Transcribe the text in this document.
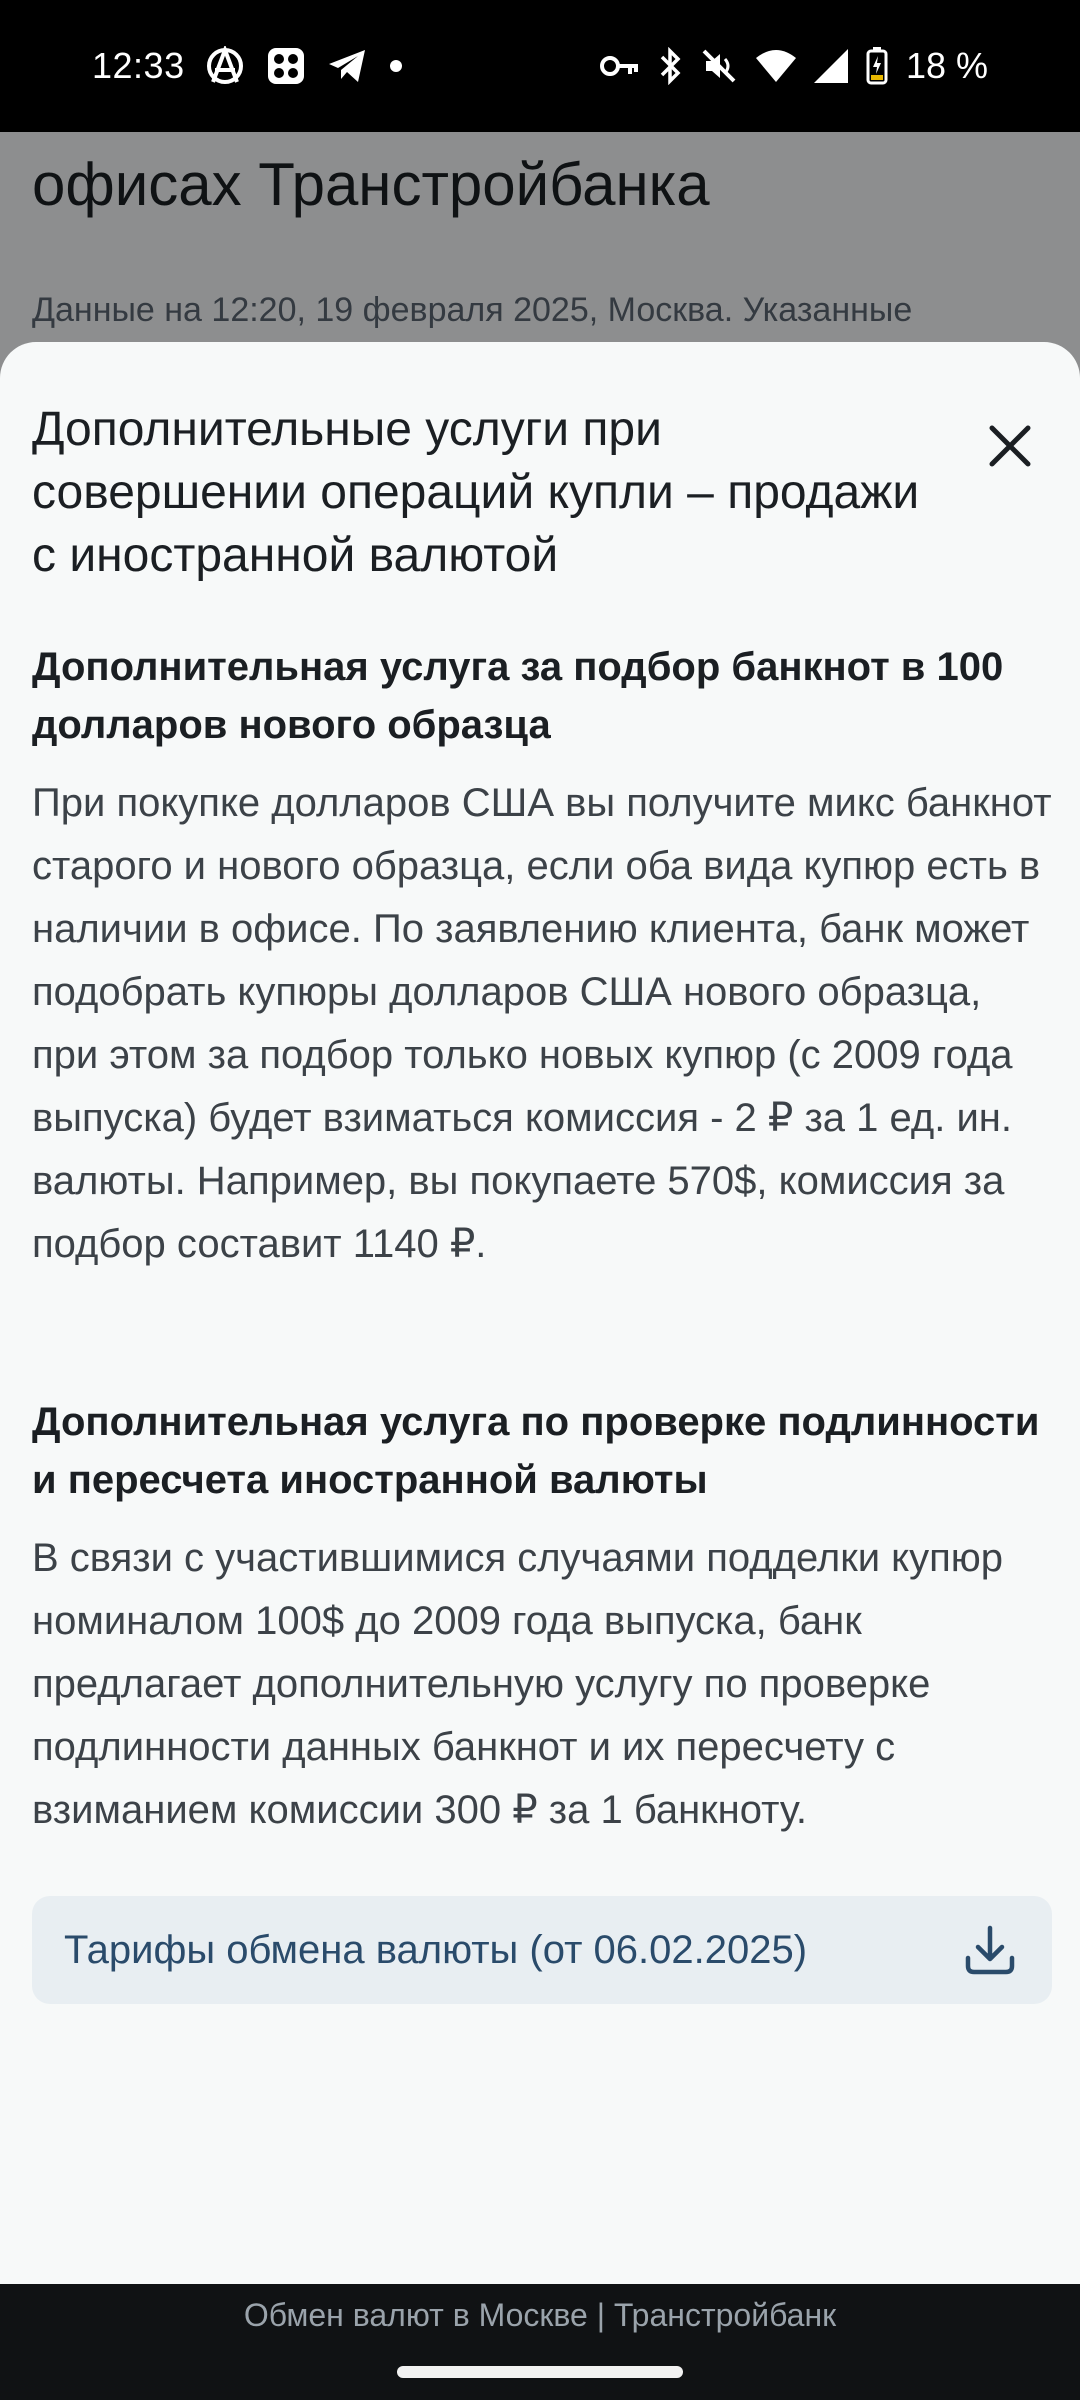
12:33	18 %
офисах Транстройбанка
Данные на 12:20, 19 февраля 2025, Москва. Указанные
Дополнительные услуги при совершении операций купли – продажи с иностранной валютой
Дополнительная услуга за подбор банкнот в 100 долларов нового образца

При покупке долларов США вы получите микс банкнот старого и нового образца, если оба вида купюр есть в наличии в офисе. По заявлению клиента, банк может подобрать купюры долларов США нового образца, при этом за подбор только новых купюр (с 2009 года выпуска) будет взиматься комиссия - 2 ₽ за 1 ед. ин. валюты. Например, вы покупаете 570$, комиссия за подбор составит 1140 ₽.

Дополнительная услуга по проверке подлинности и пересчета иностранной валюты

В связи с участившимися случаями подделки купюр номиналом 100$ до 2009 года выпуска, банк предлагает дополнительную услугу по проверке подлинности данных банкнот и их пересчету с взиманием комиссии 300 ₽ за 1 банкноту.

Тарифы обмена валюты (от 06.02.2025)
Обмен валют в Москве | Транстройбанк
